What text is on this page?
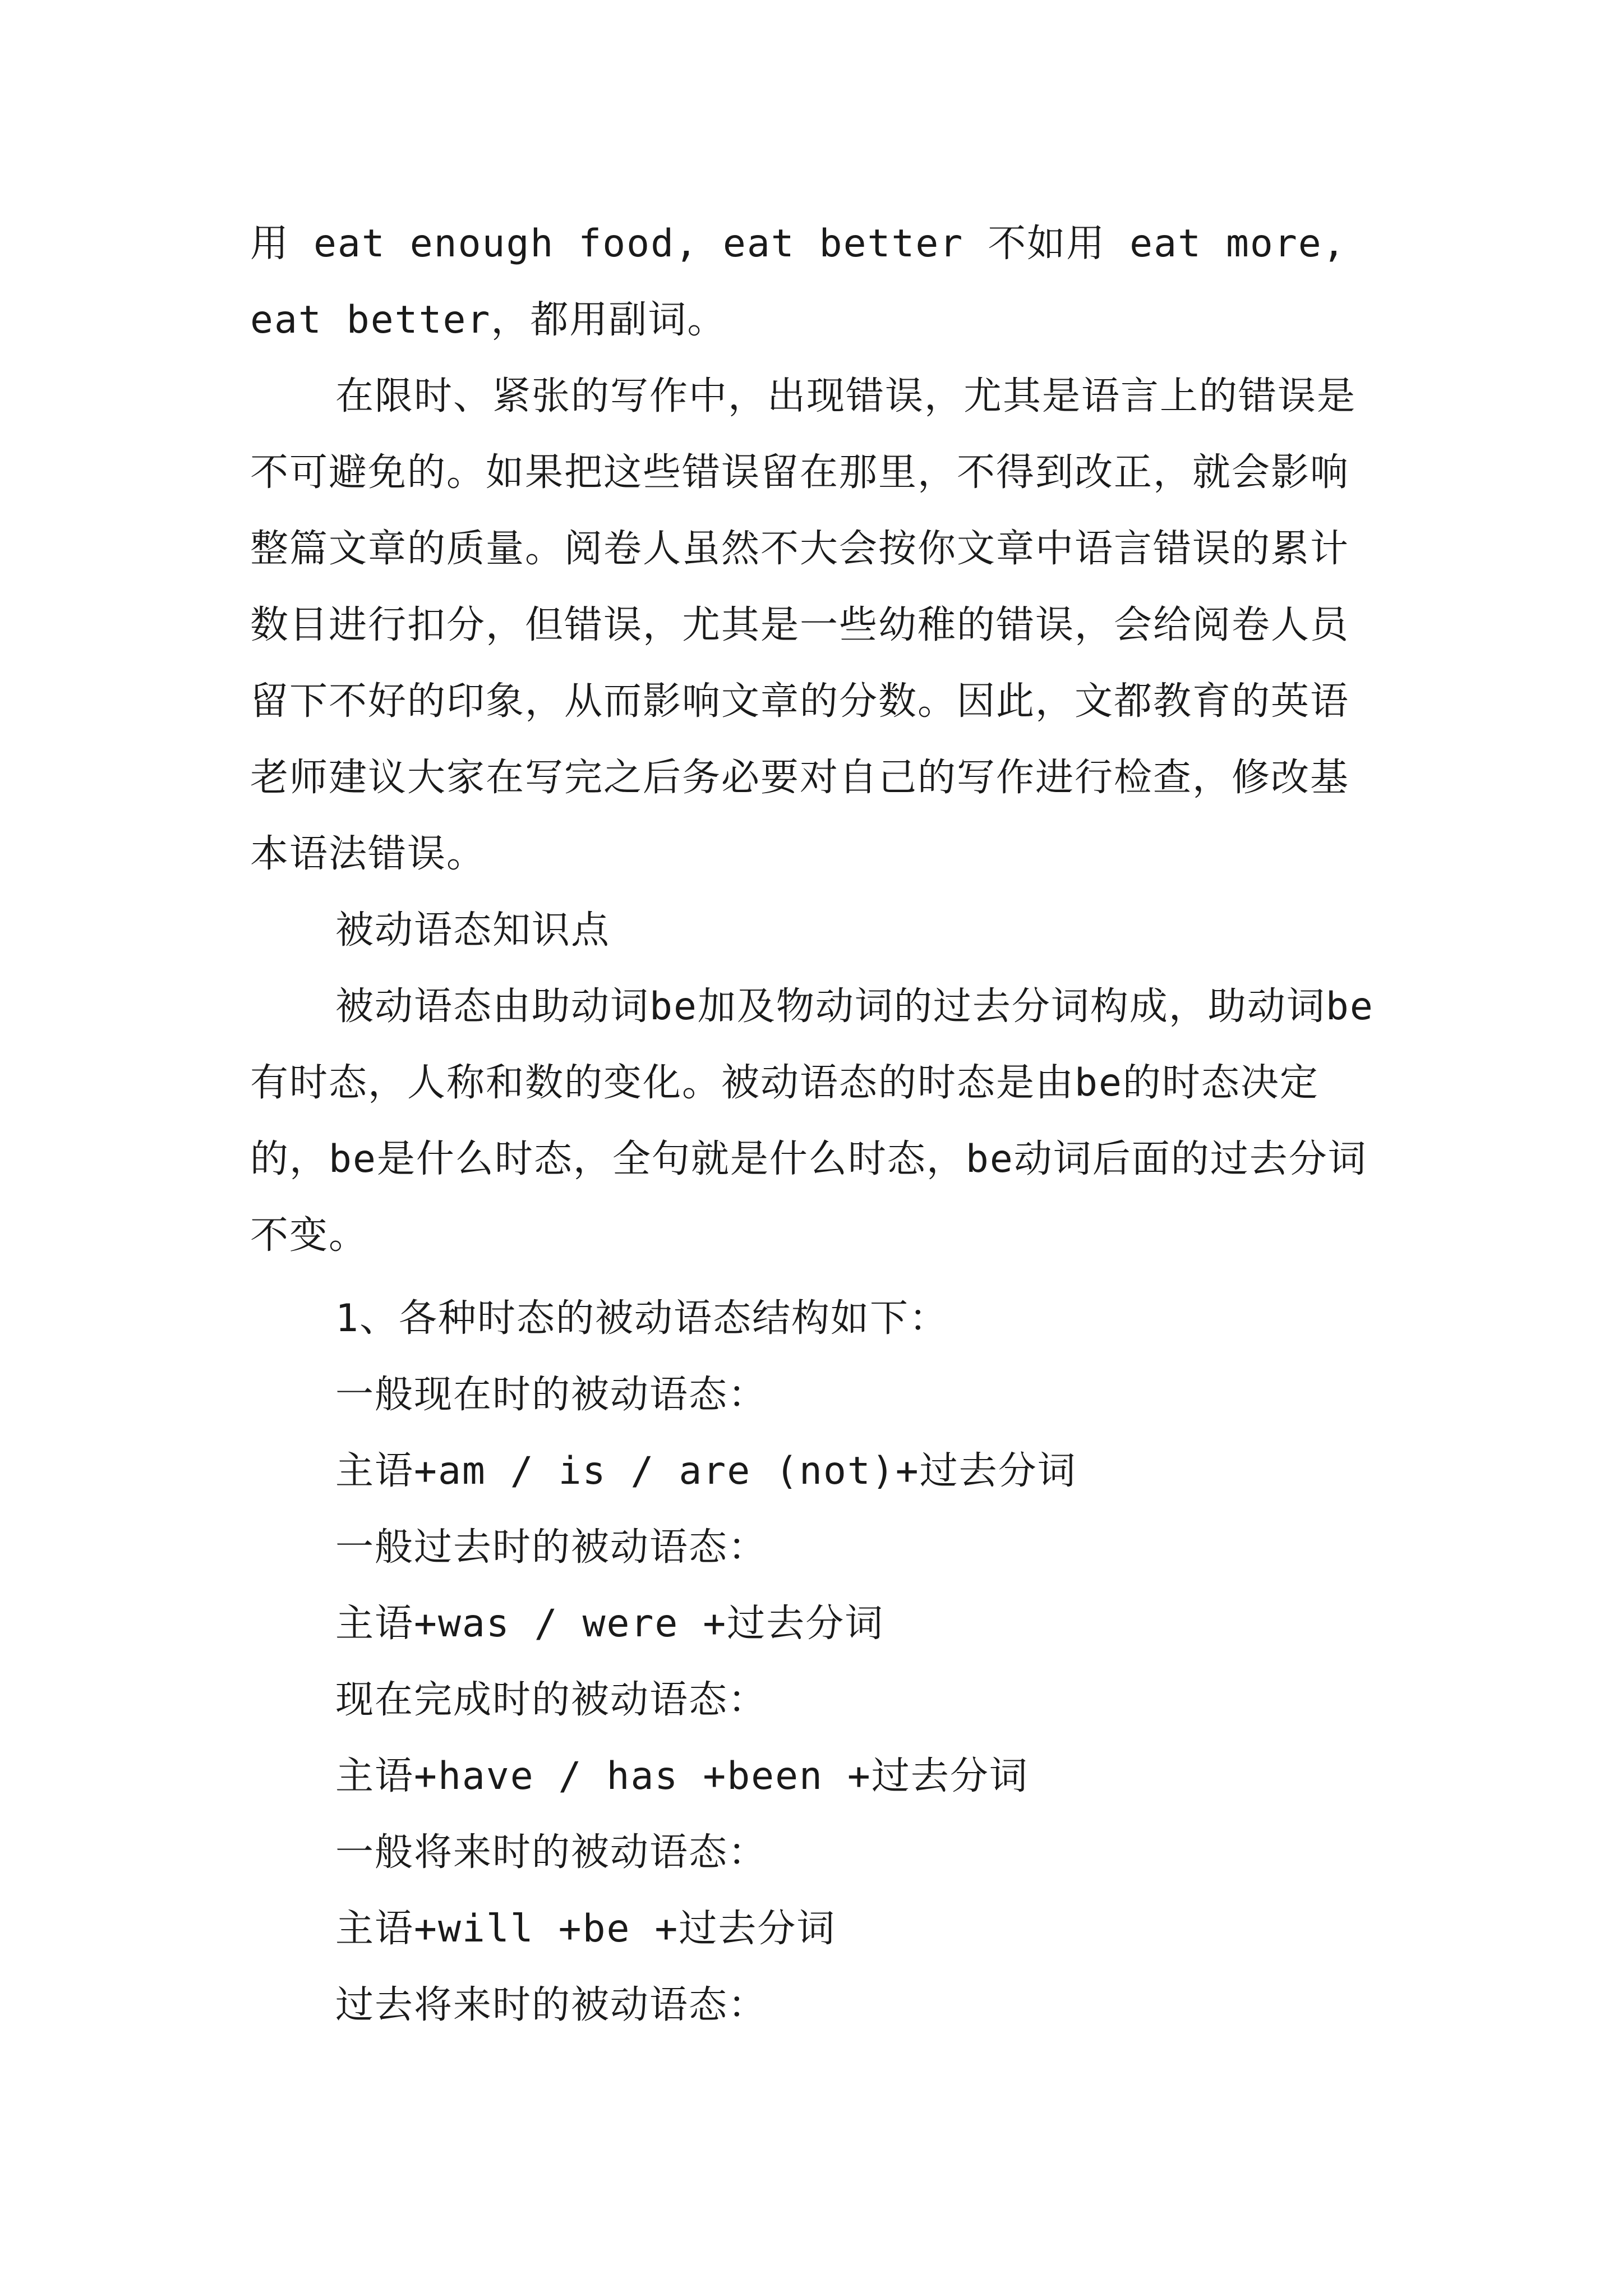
用 eat enough food, eat better 不如用 eat more, eat better，都用副词。

在限时、紧张的写作中，出现错误，尤其是语言上的错误是不可避免的。如果把这些错误留在那里，不得到改正，就会影响整篇文章的质量。阅卷人虽然不大会按你文章中语言错误的累计数目进行扣分，但错误，尤其是一些幼稚的错误，会给阅卷人员留下不好的印象，从而影响文章的分数。因此，文都教育的英语老师建议大家在写完之后务必要对自己的写作进行检查，修改基本语法错误。

被动语态知识点

被动语态由助动词be加及物动词的过去分词构成，助动词be有时态，人称和数的变化。被动语态的时态是由be的时态决定的，be是什么时态，全句就是什么时态，be动词后面的过去分词不变。

1、各种时态的被动语态结构如下：

一般现在时的被动语态：

主语+am / is / are (not)+过去分词

一般过去时的被动语态：

主语+was / were +过去分词

现在完成时的被动语态：

主语+have / has +been +过去分词

一般将来时的被动语态：

主语+will +be +过去分词

过去将来时的被动语态：
